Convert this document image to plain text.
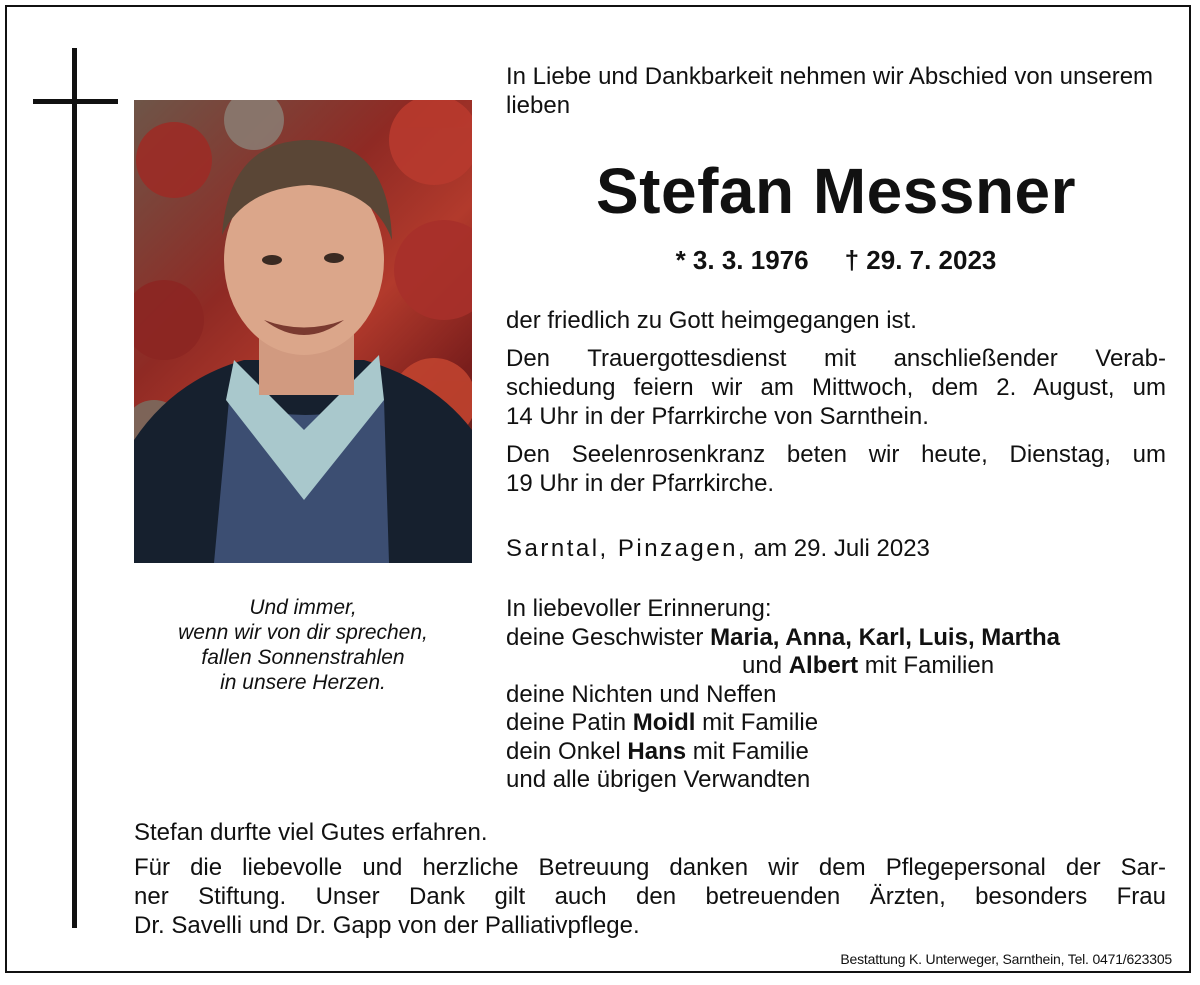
Und immer,
wenn wir von dir sprechen,
fallen Sonnenstrahlen
in unsere Herzen.
In Liebe und Dankbarkeit nehmen wir Abschied von unserem lieben
Stefan Messner
* 3. 3. 1976 † 29. 7. 2023
der friedlich zu Gott heimgegangen ist.
Den Trauergottesdienst mit anschließender Verab-
schiedung feiern wir am Mittwoch, dem 2. August, um
14 Uhr in der Pfarrkirche von Sarnthein.
Den Seelenrosenkranz beten wir heute, Dienstag, um
19 Uhr in der Pfarrkirche.
Sarntal, Pinzagen, am 29. Juli 2023
In liebevoller Erinnerung:
deine Geschwister Maria, Anna, Karl, Luis, Martha
und Albert mit Familien
deine Nichten und Neffen
deine Patin Moidl mit Familie
dein Onkel Hans mit Familie
und alle übrigen Verwandten
Stefan durfte viel Gutes erfahren.
Für die liebevolle und herzliche Betreuung danken wir dem Pflegepersonal der Sar-
ner Stiftung. Unser Dank gilt auch den betreuenden Ärzten, besonders Frau
Dr. Savelli und Dr. Gapp von der Palliativpflege.
Bestattung K. Unterweger, Sarnthein, Tel. 0471/623305
